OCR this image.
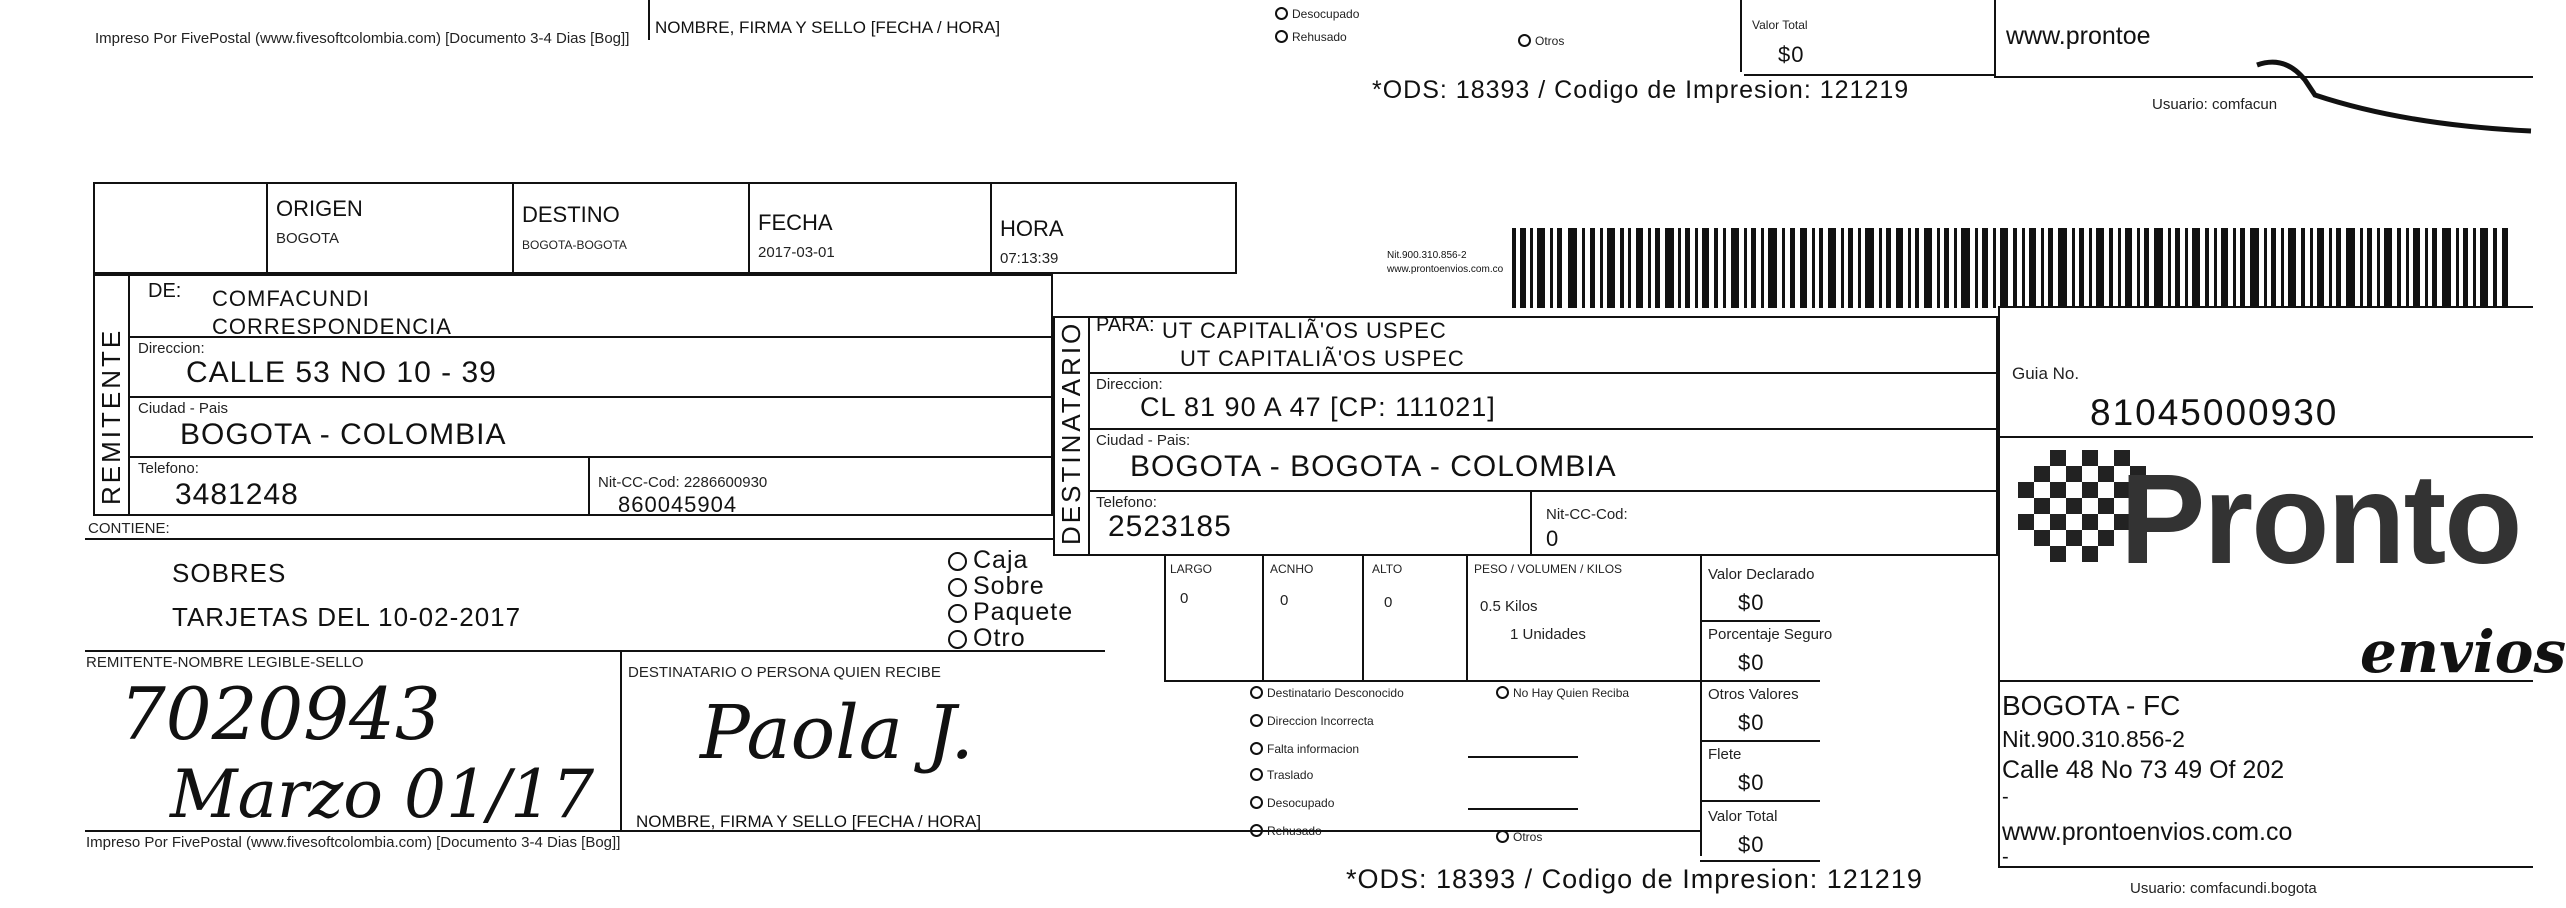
Impreso Por FivePostal (www.fivesoftcolombia.com) [Documento 3-4 Dias [Bog]]
NOMBRE, FIRMA Y SELLO [FECHA / HORA]
Desocupado
Rehusado	Otros
Valor Total
$0
*ODS: 18393 / Codigo de Impresion: 121219
www.prontoe
Usuario: comfacun
ORIGEN
BOGOTA
DESTINO
BOGOTA-BOGOTA
FECHA
2017-03-01
HORA
07:13:39	Nit.900.310.856-2
www.prontoenvios.com.co
REMITENTE
DE: COMFACUNDI
CORRESPONDENCIA
Direccion:
CALLE 53 NO 10 - 39
Ciudad - Pais
BOGOTA - COLOMBIA
Telefono:
3481248	Nit-CC-Cod: 2286600930
860045904	DESTINATARIO PARA: UT CAPITALIÃ'OS USPEC
UT CAPITALIÃ'OS USPEC
Direccion:
CL 81 90 A 47 [CP: 111021]
Ciudad - Pais:
BOGOTA - BOGOTA - COLOMBIA
Telefono:
2523185	Nit-CC-Cod:
0
CONTIENE:
SOBRES
TARJETAS DEL 10-02-2017
Caja
Sobre
Paquete
Otro
LARGO
0
ACNHO
0
ALTO
0
PESO / VOLUMEN / KILOS
0.5 Kilos
1 Unidades
Valor Declarado
$0
Porcentaje Seguro
$0
Otros Valores
$0
Flete
$0
Valor Total
$0
REMITENTE-NOMBRE LEGIBLE-SELLO
7020943
Marzo 01/17
DESTINATARIO O PERSONA QUIEN RECIBE
Paola J.
NOMBRE, FIRMA Y SELLO [FECHA / HORA]
Destinatario Desconocido	No Hay Quien Reciba
Direccion Incorrecta
Falta informacion
Traslado
Desocupado
Rehusado	Otros
Guia No.
81045000930
Pronto
envios
BOGOTA - FC
Nit.900.310.856-2
Calle 48 No 73 49 Of 202
-
www.prontoenvios.com.co
-
Usuario: comfacundi.bogota
Impreso Por FivePostal (www.fivesoftcolombia.com) [Documento 3-4 Dias [Bog]]
*ODS: 18393 / Codigo de Impresion: 121219
